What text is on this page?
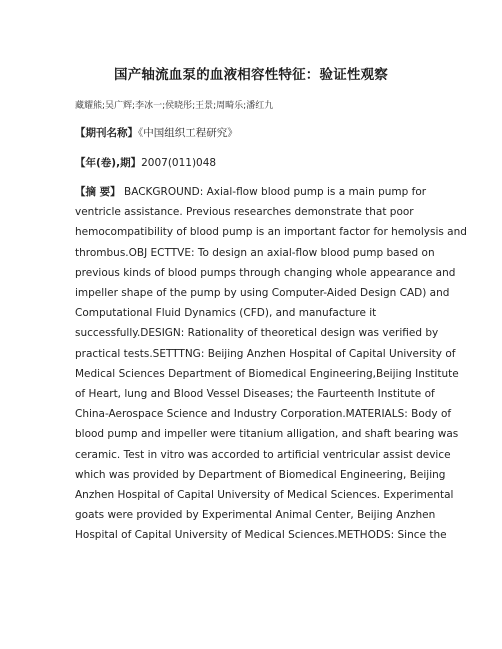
国产轴流血泵的血液相容性特征：验证性观察
藏耀熊;吴广辉;李冰一;侯晓彤;王景;周畸乐;潘红九
【期刊名称】《中国组织工程研究》
【年(卷),期】2007(011)048
【摘 要】 BACKGROUND: Axial-flow blood pump is a main pump for
ventricle assistance. Previous researches demonstrate that poor
hemocompatibility of blood pump is an important factor for hemolysis and
thrombus.OBJ ECTTVE: To design an axial-flow blood pump based on
previous kinds of blood pumps through changing whole appearance and
impeller shape of the pump by using Computer-Aided Design CAD) and
Computational Fluid Dynamics (CFD), and manufacture it
successfully.DESIGN: Rationality of theoretical design was verified by
practical tests.SETTTNG: Beijing Anzhen Hospital of Capital University of
Medical Sciences Department of Biomedical Engineering,Beijing Institute
of Heart, lung and Blood Vessel Diseases; the Faurteenth Institute of
China-Aerospace Science and Industry Corporation.MATERIALS: Body of
blood pump and impeller were titanium alligation, and shaft bearing was
ceramic. Test in vitro was accorded to artificial ventricular assist device
which was provided by Department of Biomedical Engineering, Beijing
Anzhen Hospital of Capital University of Medical Sciences. Experimental
goats were provided by Experimental Animal Center, Beijing Anzhen
Hospital of Capital University of Medical Sciences.METHODS: Since the
